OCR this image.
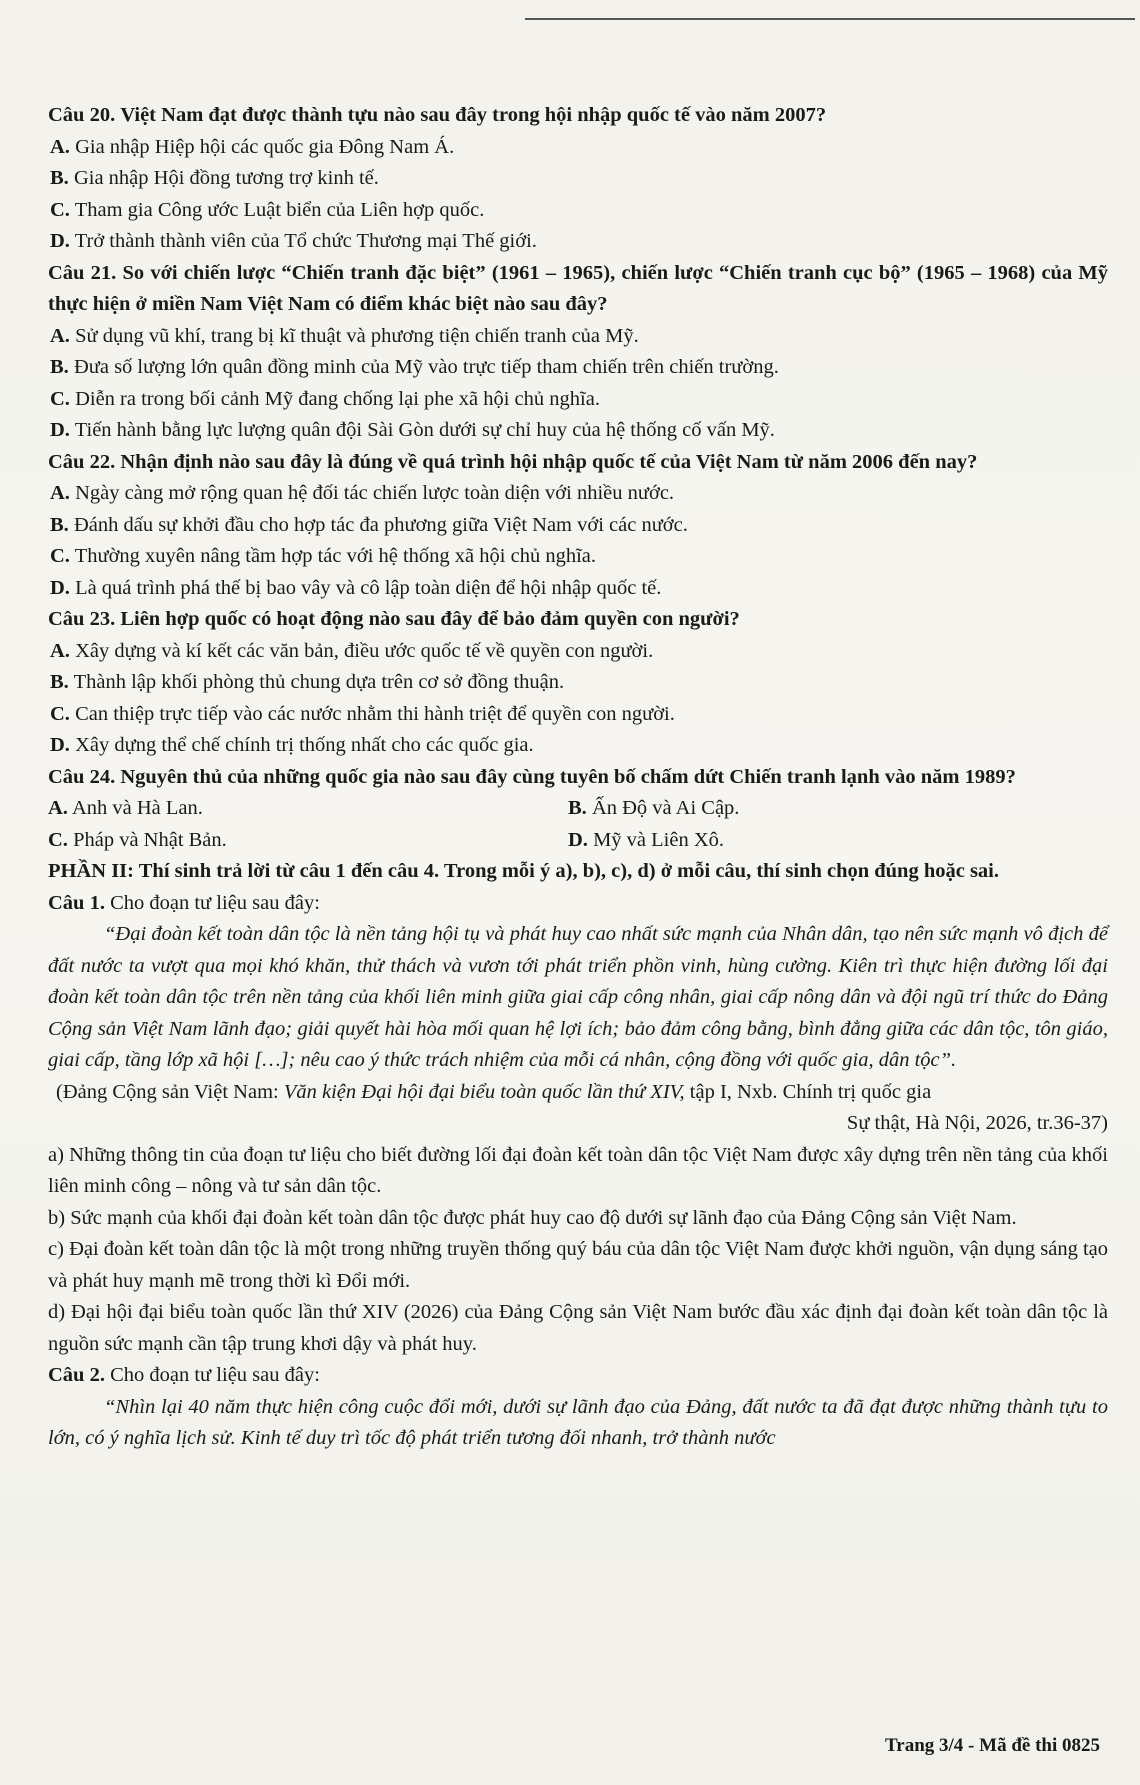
Câu 20. Việt Nam đạt được thành tựu nào sau đây trong hội nhập quốc tế vào năm 2007?

A. Gia nhập Hiệp hội các quốc gia Đông Nam Á.

B. Gia nhập Hội đồng tương trợ kinh tế.

C. Tham gia Công ước Luật biển của Liên hợp quốc.

D. Trở thành thành viên của Tổ chức Thương mại Thế giới.

Câu 21. So với chiến lược “Chiến tranh đặc biệt” (1961 – 1965), chiến lược “Chiến tranh cục bộ” (1965 – 1968) của Mỹ thực hiện ở miền Nam Việt Nam có điểm khác biệt nào sau đây?

A. Sử dụng vũ khí, trang bị kĩ thuật và phương tiện chiến tranh của Mỹ.

B. Đưa số lượng lớn quân đồng minh của Mỹ vào trực tiếp tham chiến trên chiến trường.

C. Diễn ra trong bối cảnh Mỹ đang chống lại phe xã hội chủ nghĩa.

D. Tiến hành bằng lực lượng quân đội Sài Gòn dưới sự chỉ huy của hệ thống cố vấn Mỹ.

Câu 22. Nhận định nào sau đây là đúng về quá trình hội nhập quốc tế của Việt Nam từ năm 2006 đến nay?

A. Ngày càng mở rộng quan hệ đối tác chiến lược toàn diện với nhiều nước.

B. Đánh dấu sự khởi đầu cho hợp tác đa phương giữa Việt Nam với các nước.

C. Thường xuyên nâng tầm hợp tác với hệ thống xã hội chủ nghĩa.

D. Là quá trình phá thế bị bao vây và cô lập toàn diện để hội nhập quốc tế.

Câu 23. Liên hợp quốc có hoạt động nào sau đây để bảo đảm quyền con người?

A. Xây dựng và kí kết các văn bản, điều ước quốc tế về quyền con người.

B. Thành lập khối phòng thủ chung dựa trên cơ sở đồng thuận.

C. Can thiệp trực tiếp vào các nước nhằm thi hành triệt để quyền con người.

D. Xây dựng thể chế chính trị thống nhất cho các quốc gia.

Câu 24. Nguyên thủ của những quốc gia nào sau đây cùng tuyên bố chấm dứt Chiến tranh lạnh vào năm 1989?

A. Anh và Hà Lan.	B. Ấn Độ và Ai Cập.
C. Pháp và Nhật Bản.	D. Mỹ và Liên Xô.

PHẦN II: Thí sinh trả lời từ câu 1 đến câu 4. Trong mỗi ý a), b), c), d) ở mỗi câu, thí sinh chọn đúng hoặc sai.

Câu 1. Cho đoạn tư liệu sau đây:

“Đại đoàn kết toàn dân tộc là nền tảng hội tụ và phát huy cao nhất sức mạnh của Nhân dân, tạo nên sức mạnh vô địch để đất nước ta vượt qua mọi khó khăn, thử thách và vươn tới phát triển phồn vinh, hùng cường. Kiên trì thực hiện đường lối đại đoàn kết toàn dân tộc trên nền tảng của khối liên minh giữa giai cấp công nhân, giai cấp nông dân và đội ngũ trí thức do Đảng Cộng sản Việt Nam lãnh đạo; giải quyết hài hòa mối quan hệ lợi ích; bảo đảm công bằng, bình đẳng giữa các dân tộc, tôn giáo, giai cấp, tầng lớp xã hội […]; nêu cao ý thức trách nhiệm của mỗi cá nhân, cộng đồng với quốc gia, dân tộc”.

(Đảng Cộng sản Việt Nam: Văn kiện Đại hội đại biểu toàn quốc lần thứ XIV, tập I, Nxb. Chính trị quốc gia

Sự thật, Hà Nội, 2026, tr.36-37)

a) Những thông tin của đoạn tư liệu cho biết đường lối đại đoàn kết toàn dân tộc Việt Nam được xây dựng trên nền tảng của khối liên minh công – nông và tư sản dân tộc.

b) Sức mạnh của khối đại đoàn kết toàn dân tộc được phát huy cao độ dưới sự lãnh đạo của Đảng Cộng sản Việt Nam.

c) Đại đoàn kết toàn dân tộc là một trong những truyền thống quý báu của dân tộc Việt Nam được khởi nguồn, vận dụng sáng tạo và phát huy mạnh mẽ trong thời kì Đổi mới.

d) Đại hội đại biểu toàn quốc lần thứ XIV (2026) của Đảng Cộng sản Việt Nam bước đầu xác định đại đoàn kết toàn dân tộc là nguồn sức mạnh cần tập trung khơi dậy và phát huy.

Câu 2. Cho đoạn tư liệu sau đây:

“Nhìn lại 40 năm thực hiện công cuộc đổi mới, dưới sự lãnh đạo của Đảng, đất nước ta đã đạt được những thành tựu to lớn, có ý nghĩa lịch sử. Kinh tế duy trì tốc độ phát triển tương đối nhanh, trở thành nước

Trang 3/4 - Mã đề thi 0825
